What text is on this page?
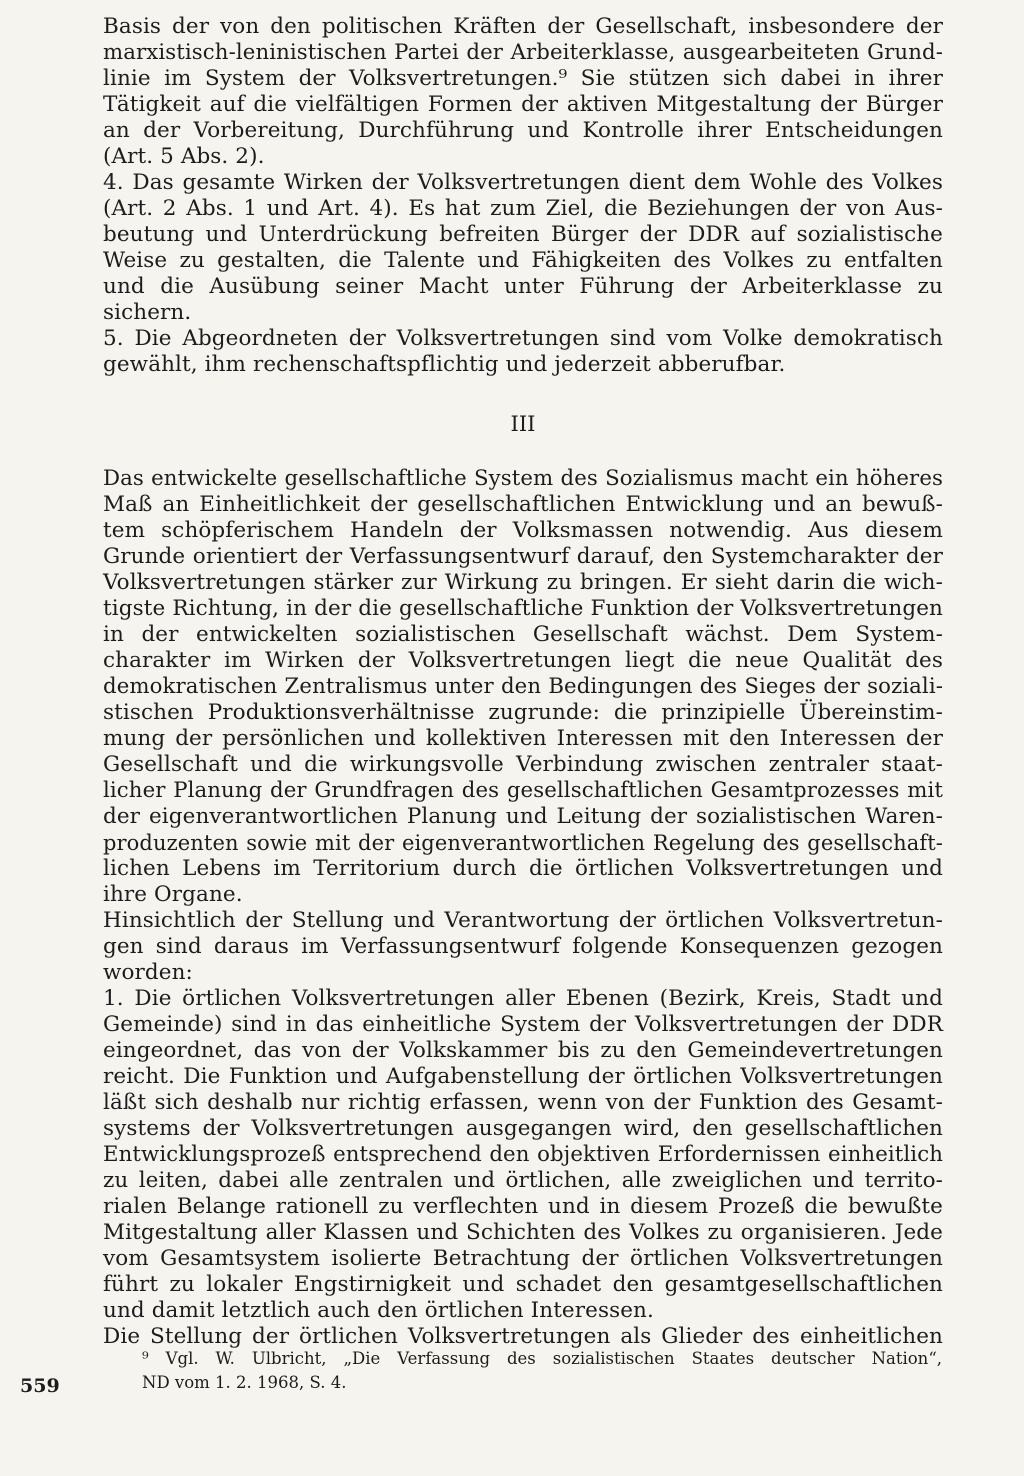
Basis der von den politischen Kräften der Gesellschaft, insbesondere der
marxistisch-leninistischen Partei der Arbeiterklasse, ausgearbeiteten Grund-
linie im System der Volksvertretungen.⁹ Sie stützen sich dabei in ihrer
Tätigkeit auf die vielfältigen Formen der aktiven Mitgestaltung der Bürger
an der Vorbereitung, Durchführung und Kontrolle ihrer Entscheidungen
(Art. 5 Abs. 2).
4. Das gesamte Wirken der Volksvertretungen dient dem Wohle des Volkes
(Art. 2 Abs. 1 und Art. 4). Es hat zum Ziel, die Beziehungen der von Aus-
beutung und Unterdrückung befreiten Bürger der DDR auf sozialistische
Weise zu gestalten, die Talente und Fähigkeiten des Volkes zu entfalten
und die Ausübung seiner Macht unter Führung der Arbeiterklasse zu
sichern.
5. Die Abgeordneten der Volksvertretungen sind vom Volke demokratisch
gewählt, ihm rechenschaftspflichtig und jederzeit abberufbar.
III
Das entwickelte gesellschaftliche System des Sozialismus macht ein höheres
Maß an Einheitlichkeit der gesellschaftlichen Entwicklung und an bewuß-
tem schöpferischem Handeln der Volksmassen notwendig. Aus diesem
Grunde orientiert der Verfassungsentwurf darauf, den Systemcharakter der
Volksvertretungen stärker zur Wirkung zu bringen. Er sieht darin die wich-
tigste Richtung, in der die gesellschaftliche Funktion der Volksvertretungen
in der entwickelten sozialistischen Gesellschaft wächst. Dem System-
charakter im Wirken der Volksvertretungen liegt die neue Qualität des
demokratischen Zentralismus unter den Bedingungen des Sieges der soziali-
stischen Produktionsverhältnisse zugrunde: die prinzipielle Übereinstim-
mung der persönlichen und kollektiven Interessen mit den Interessen der
Gesellschaft und die wirkungsvolle Verbindung zwischen zentraler staat-
licher Planung der Grundfragen des gesellschaftlichen Gesamtprozesses mit
der eigenverantwortlichen Planung und Leitung der sozialistischen Waren-
produzenten sowie mit der eigenverantwortlichen Regelung des gesellschaft-
lichen Lebens im Territorium durch die örtlichen Volksvertretungen und
ihre Organe.
Hinsichtlich der Stellung und Verantwortung der örtlichen Volksvertretun-
gen sind daraus im Verfassungsentwurf folgende Konsequenzen gezogen
worden:
1. Die örtlichen Volksvertretungen aller Ebenen (Bezirk, Kreis, Stadt und
Gemeinde) sind in das einheitliche System der Volksvertretungen der DDR
eingeordnet, das von der Volkskammer bis zu den Gemeindevertretungen
reicht. Die Funktion und Aufgabenstellung der örtlichen Volksvertretungen
läßt sich deshalb nur richtig erfassen, wenn von der Funktion des Gesamt-
systems der Volksvertretungen ausgegangen wird, den gesellschaftlichen
Entwicklungsprozeß entsprechend den objektiven Erfordernissen einheitlich
zu leiten, dabei alle zentralen und örtlichen, alle zweiglichen und territo-
rialen Belange rationell zu verflechten und in diesem Prozeß die bewußte
Mitgestaltung aller Klassen und Schichten des Volkes zu organisieren. Jede
vom Gesamtsystem isolierte Betrachtung der örtlichen Volksvertretungen
führt zu lokaler Engstirnigkeit und schadet den gesamtgesellschaftlichen
und damit letztlich auch den örtlichen Interessen.
Die Stellung der örtlichen Volksvertretungen als Glieder des einheitlichen
⁹ Vgl. W. Ulbricht, „Die Verfassung des sozialistischen Staates deutscher Nation“,
ND vom 1. 2. 1968, S. 4.
559
